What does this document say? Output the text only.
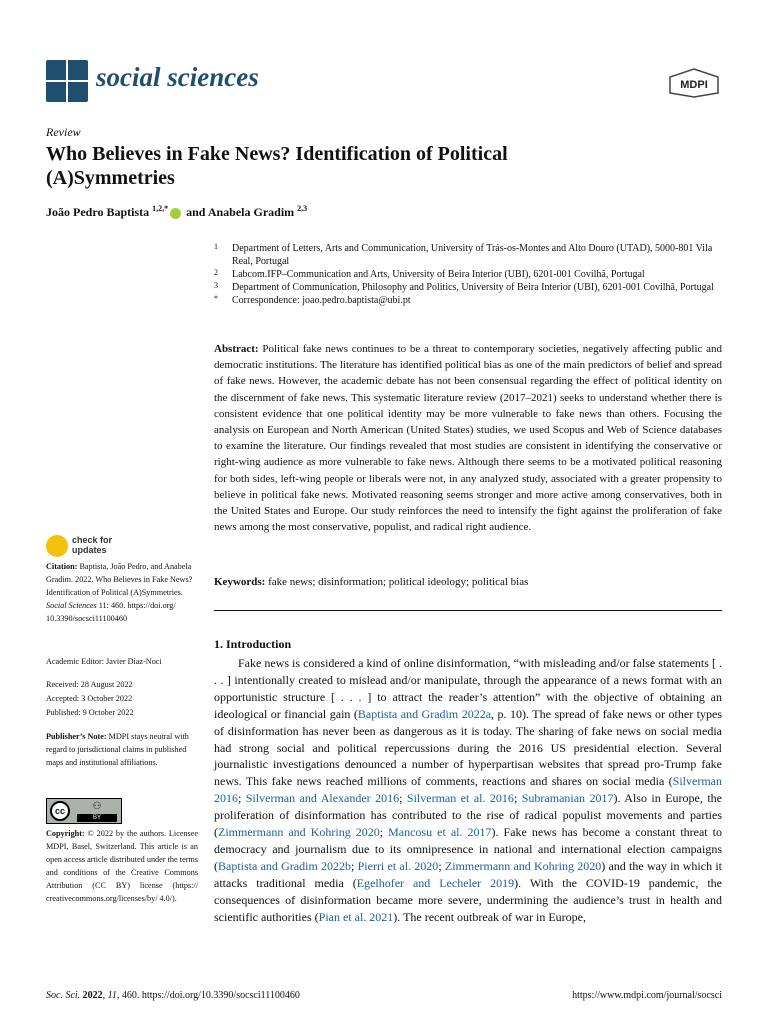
social sciences	MDPI
Review
Who Believes in Fake News? Identification of Political (A)Symmetries
João Pedro Baptista $^{1,2,*}$ and Anabela Gradim $^{2,3}$
1 Department of Letters, Arts and Communication, University of Trás-os-Montes and Alto Douro (UTAD), 5000-801 Vila Real, Portugal
2 Labcom.IFP–Communication and Arts, University of Beira Interior (UBI), 6201-001 Covilhã, Portugal
3 Department of Communication, Philosophy and Politics, University of Beira Interior (UBI), 6201-001 Covilhã, Portugal
* Correspondence: joao.pedro.baptista@ubi.pt
Abstract: Political fake news continues to be a threat to contemporary societies, negatively affecting public and democratic institutions. The literature has identified political bias as one of the main predictors of belief and spread of fake news. However, the academic debate has not been consensual regarding the effect of political identity on the discernment of fake news. This systematic literature review (2017–2021) seeks to understand whether there is consistent evidence that one political identity may be more vulnerable to fake news than others. Focusing the analysis on European and North American (United States) studies, we used Scopus and Web of Science databases to examine the literature. Our findings revealed that most studies are consistent in identifying the conservative or right-wing audience as more vulnerable to fake news. Although there seems to be a motivated political reasoning for both sides, left-wing people or liberals were not, in any analyzed study, associated with a greater propensity to believe in political fake news. Motivated reasoning seems stronger and more active among conservatives, both in the United States and Europe. Our study reinforces the need to intensify the fight against the proliferation of fake news among the most conservative, populist, and radical right audience.
Keywords: fake news; disinformation; political ideology; political bias
1. Introduction
Fake news is considered a kind of online disinformation, “with misleading and/or false statements [ . . . ] intentionally created to mislead and/or manipulate, through the appearance of a news format with an opportunistic structure [ . . . ] to attract the reader’s attention” with the objective of obtaining an ideological or financial gain (Baptista and Gradim 2022a, p. 10). The spread of fake news or other types of disinformation has never been as dangerous as it is today. The sharing of fake news on social media had strong social and political repercussions during the 2016 US presidential election. Several journalistic investigations denounced a number of hyperpartisan websites that spread pro-Trump fake news. This fake news reached millions of comments, reactions and shares on social media (Silverman 2016; Silverman and Alexander 2016; Silverman et al. 2016; Subramanian 2017). Also in Europe, the proliferation of disinformation has contributed to the rise of radical populist movements and parties (Zimmermann and Kohring 2020; Mancosu et al. 2017). Fake news has become a constant threat to democracy and journalism due to its omnipresence in national and international election campaigns (Baptista and Gradim 2022b; Pierri et al. 2020; Zimmermann and Kohring 2020) and the way in which it attacks traditional media (Egelhofer and Lecheler 2019). With the COVID-19 pandemic, the consequences of disinformation became more severe, undermining the audience’s trust in health and scientific authorities (Pian et al. 2021). The recent outbreak of war in Europe,
check for
updates
Citation: Baptista, João Pedro, and Anabela Gradim. 2022. Who Believes in Fake News? Identification of Political (A)Symmetries. Social Sciences 11: 460. https://doi.org/ 10.3390/socsci11100460
Academic Editor: Javier Díaz-Noci
Received: 28 August 2022
Accepted: 3 October 2022
Published: 9 October 2022
Publisher’s Note: MDPI stays neutral with regard to jurisdictional claims in published maps and institutional affiliations.
cc	⚇
BY
Copyright: © 2022 by the authors. Licensee MDPI, Basel, Switzerland. This article is an open access article distributed under the terms and conditions of the Creative Commons Attribution (CC BY) license (https:// creativecommons.org/licenses/by/ 4.0/).
Soc. Sci. 2022, 11, 460. https://doi.org/10.3390/socsci11100460	https://www.mdpi.com/journal/socsci
